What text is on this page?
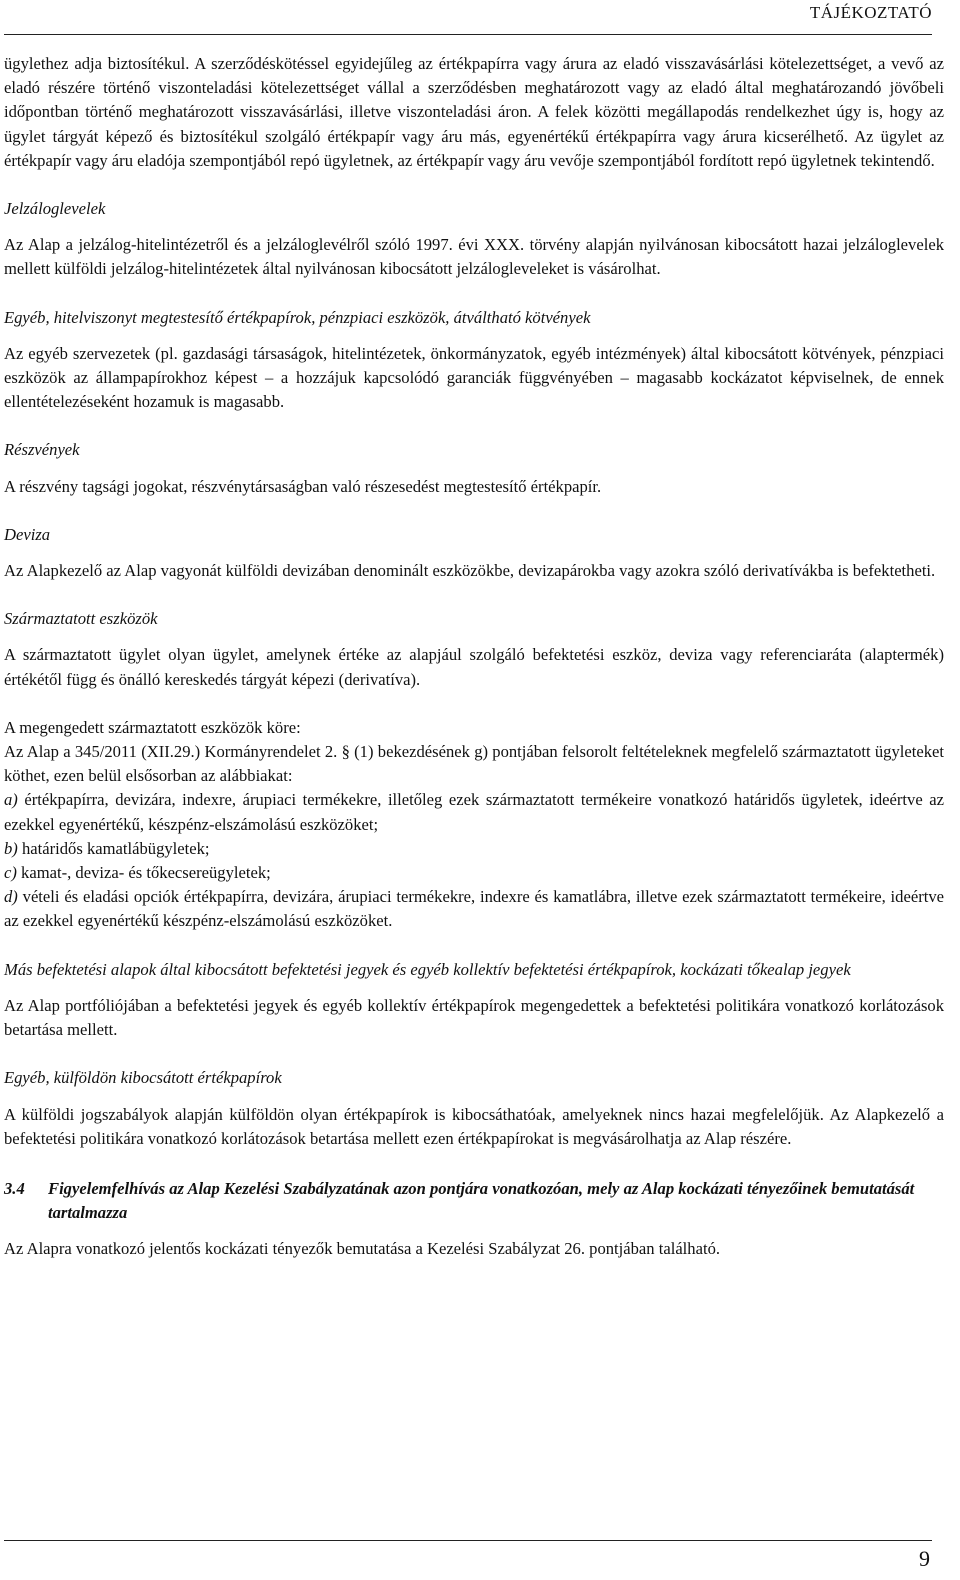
TÁJÉKOZTATÓ

ügylethez adja biztosítékul. A szerződéskötéssel egyidejűleg az értékpapírra vagy árura az eladó visszavásárlási kötelezettséget, a vevő az eladó részére történő viszonteladási kötelezettséget vállal a szerződésben meghatározott vagy az eladó által meghatározandó jövőbeli időpontban történő meghatározott visszavásárlási, illetve viszonteladási áron. A felek közötti megállapodás rendelkezhet úgy is, hogy az ügylet tárgyát képező és biztosítékul szolgáló értékpapír vagy áru más, egyenértékű értékpapírra vagy árura kicserélhető. Az ügylet az értékpapír vagy áru eladója szempontjából repó ügyletnek, az értékpapír vagy áru vevője szempontjából fordított repó ügyletnek tekintendő.

Jelzáloglevelek

Az Alap a jelzálog-hitelintézetről és a jelzáloglevélről szóló 1997. évi XXX. törvény alapján nyilvánosan kibocsátott hazai jelzáloglevelek mellett külföldi jelzálog-hitelintézetek által nyilvánosan kibocsátott jelzálogleveleket is vásárolhat.

Egyéb, hitelviszonyt megtestesítő értékpapírok, pénzpiaci eszközök, átváltható kötvények

Az egyéb szervezetek (pl. gazdasági társaságok, hitelintézetek, önkormányzatok, egyéb intézmények) által kibocsátott kötvények, pénzpiaci eszközök az állampapírokhoz képest – a hozzájuk kapcsolódó garanciák függvényében – magasabb kockázatot képviselnek, de ennek ellentételezéseként hozamuk is magasabb.

Részvények

A részvény tagsági jogokat, részvénytársaságban való részesedést megtestesítő értékpapír.

Deviza

Az Alapkezelő az Alap vagyonát külföldi devizában denominált eszközökbe, devizapárokba vagy azokra szóló derivatívákba is befektetheti.

Származtatott eszközök

A származtatott ügylet olyan ügylet, amelynek értéke az alapjául szolgáló befektetési eszköz, deviza vagy referenciaráta (alaptermék) értékétől függ és önálló kereskedés tárgyát képezi (derivatíva).

A megengedett származtatott eszközök köre:

Az Alap a 345/2011 (XII.29.) Kormányrendelet 2. § (1) bekezdésének g) pontjában felsorolt feltételeknek megfelelő származtatott ügyleteket köthet, ezen belül elsősorban az alábbiakat:

a) értékpapírra, devizára, indexre, árupiaci termékekre, illetőleg ezek származtatott termékeire vonatkozó határidős ügyletek, ideértve az ezekkel egyenértékű, készpénz-elszámolású eszközöket;

b) határidős kamatlábügyletek;

c) kamat-, deviza- és tőkecsereügyletek;

d) vételi és eladási opciók értékpapírra, devizára, árupiaci termékekre, indexre és kamatlábra, illetve ezek származtatott termékeire, ideértve az ezekkel egyenértékű készpénz-elszámolású eszközöket.

Más befektetési alapok által kibocsátott befektetési jegyek és egyéb kollektív befektetési értékpapírok, kockázati tőkealap jegyek

Az Alap portfóliójában a befektetési jegyek és egyéb kollektív értékpapírok megengedettek a befektetési politikára vonatkozó korlátozások betartása mellett.

Egyéb, külföldön kibocsátott értékpapírok

A külföldi jogszabályok alapján külföldön olyan értékpapírok is kibocsáthatóak, amelyeknek nincs hazai megfelelőjük. Az Alapkezelő a befektetési politikára vonatkozó korlátozások betartása mellett ezen értékpapírokat is megvásárolhatja az Alap részére.

3.4	Figyelemfelhívás az Alap Kezelési Szabályzatának azon pontjára vonatkozóan, mely az Alap kockázati tényezőinek bemutatását tartalmazza

Az Alapra vonatkozó jelentős kockázati tényezők bemutatása a Kezelési Szabályzat 26. pontjában található.

9
